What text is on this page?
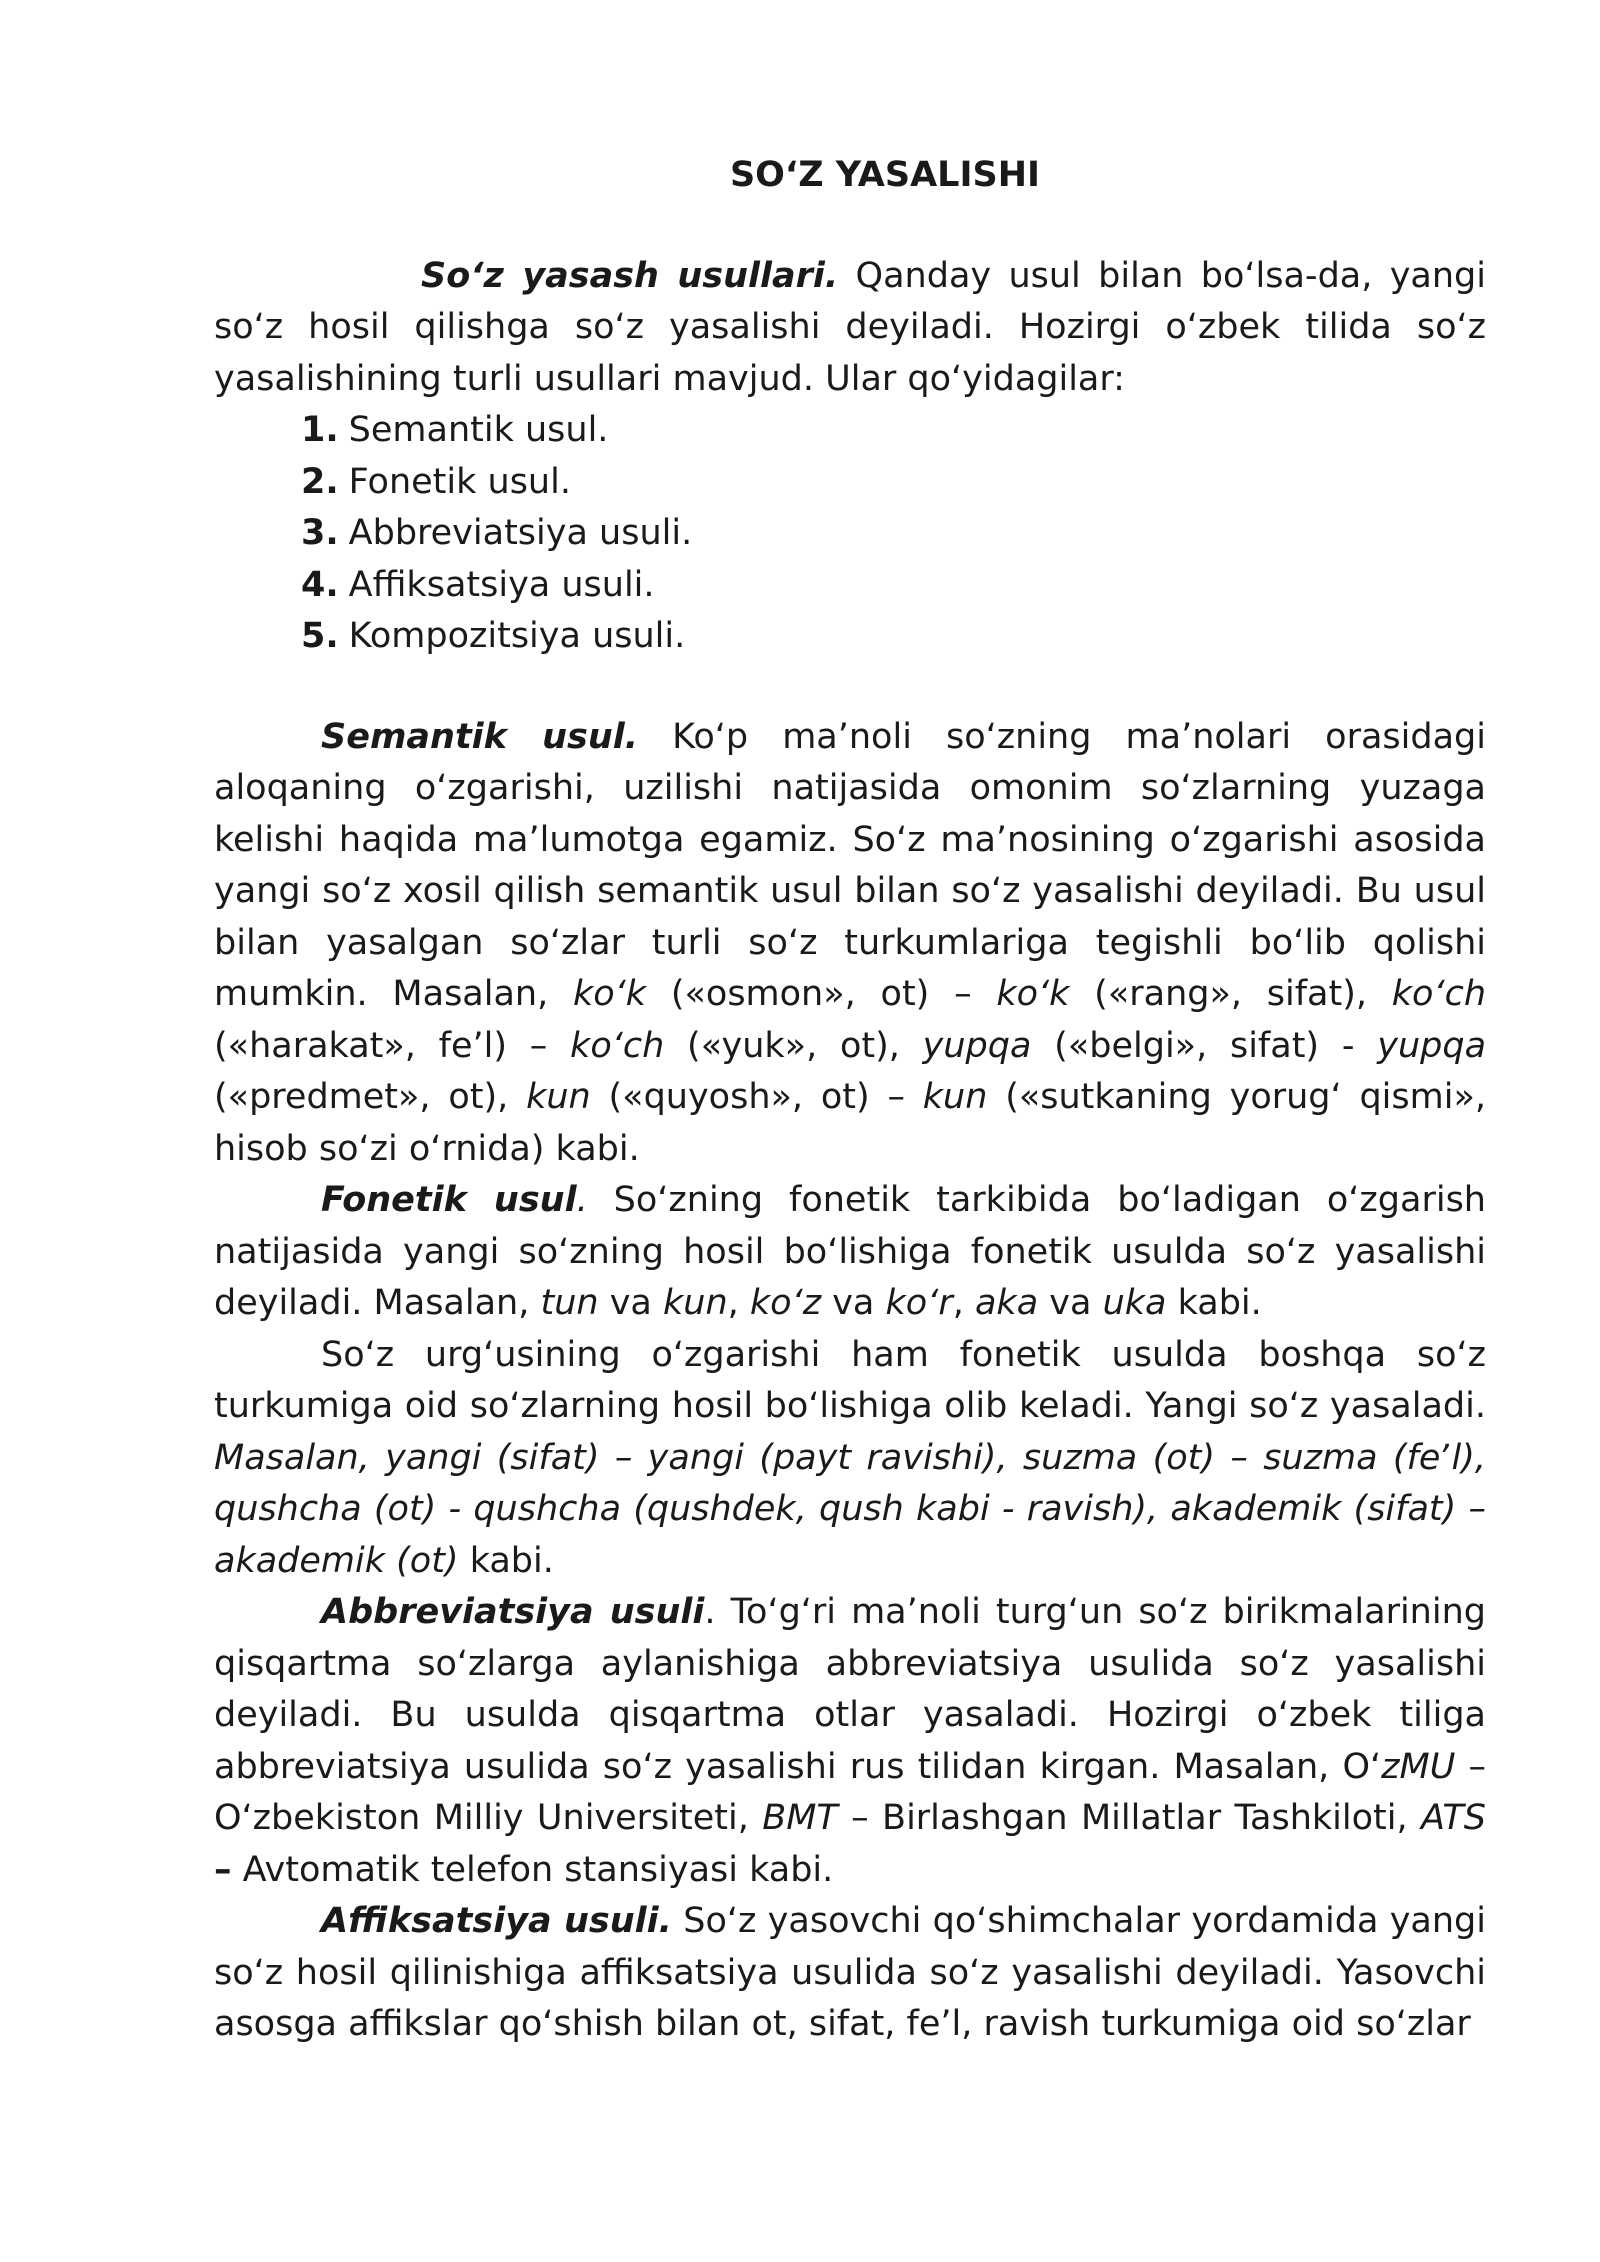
SOʻZ YASALISHI

Soʻz yasash usullari. Qanday usul bilan boʻlsa-da, yangi soʻz hosil qilishga soʻz yasalishi deyiladi. Hozirgi oʻzbek tilida soʻz yasalishining turli usullari mavjud. Ular qoʻyidagilar:

1. Semantik usul.
2. Fonetik usul.
3. Abbreviatsiya usuli.
4. Affiksatsiya usuli.
5. Kompozitsiya usuli.

Semantik usul. Koʻp maʼnoli soʻzning maʼnolari orasidagi aloqaning oʻzgarishi, uzilishi natijasida omonim soʻzlarning yuzaga kelishi haqida maʼlumotga egamiz. Soʻz maʼnosining oʻzgarishi asosida yangi soʻz xosil qilish semantik usul bilan soʻz yasalishi deyiladi. Bu usul bilan yasalgan soʻzlar turli soʻz turkumlariga tegishli boʻlib qolishi mumkin. Masalan, koʻk («osmon», ot) – koʻk («rang», sifat), koʻch («harakat», feʼl) – koʻch («yuk», ot), yupqa («belgi», sifat) - yupqa («predmet», ot), kun («quyosh», ot) – kun («sutkaning yorugʻ qismi», hisob soʻzi oʻrnida) kabi.

Fonetik usul. Soʻzning fonetik tarkibida boʻladigan oʻzgarish natijasida yangi soʻzning hosil boʻlishiga fonetik usulda soʻz yasalishi deyiladi. Masalan, tun va kun, koʻz va koʻr, aka va uka kabi.

Soʻz urgʻusining oʻzgarishi ham fonetik usulda boshqa soʻz turkumiga oid soʻzlarning hosil boʻlishiga olib keladi. Yangi soʻz yasaladi. Masalan, yangi (sifat) – yangi (payt ravishi), suzma (ot) – suzma (feʼl), qushcha (ot) - qushcha (qushdek, qush kabi - ravish), akademik (sifat) – akademik (ot) kabi.

Abbreviatsiya usuli. Toʻgʻri maʼnoli turgʻun soʻz birikmalarining qisqartma soʻzlarga aylanishiga abbreviatsiya usulida soʻz yasalishi deyiladi. Bu usulda qisqartma otlar yasaladi. Hozirgi oʻzbek tiliga abbreviatsiya usulida soʻz yasalishi rus tilidan kirgan. Masalan, OʻzMU – Oʻzbekiston Milliy Universiteti, BMT – Birlashgan Millatlar Tashkiloti, ATS – Avtomatik telefon stansiyasi kabi.

Affiksatsiya usuli. Soʻz yasovchi qoʻshimchalar yordamida yangi soʻz hosil qilinishiga affiksatsiya usulida soʻz yasalishi deyiladi. Yasovchi asosga affikslar qoʻshish bilan ot, sifat, feʼl, ravish turkumiga oid soʻzlar
